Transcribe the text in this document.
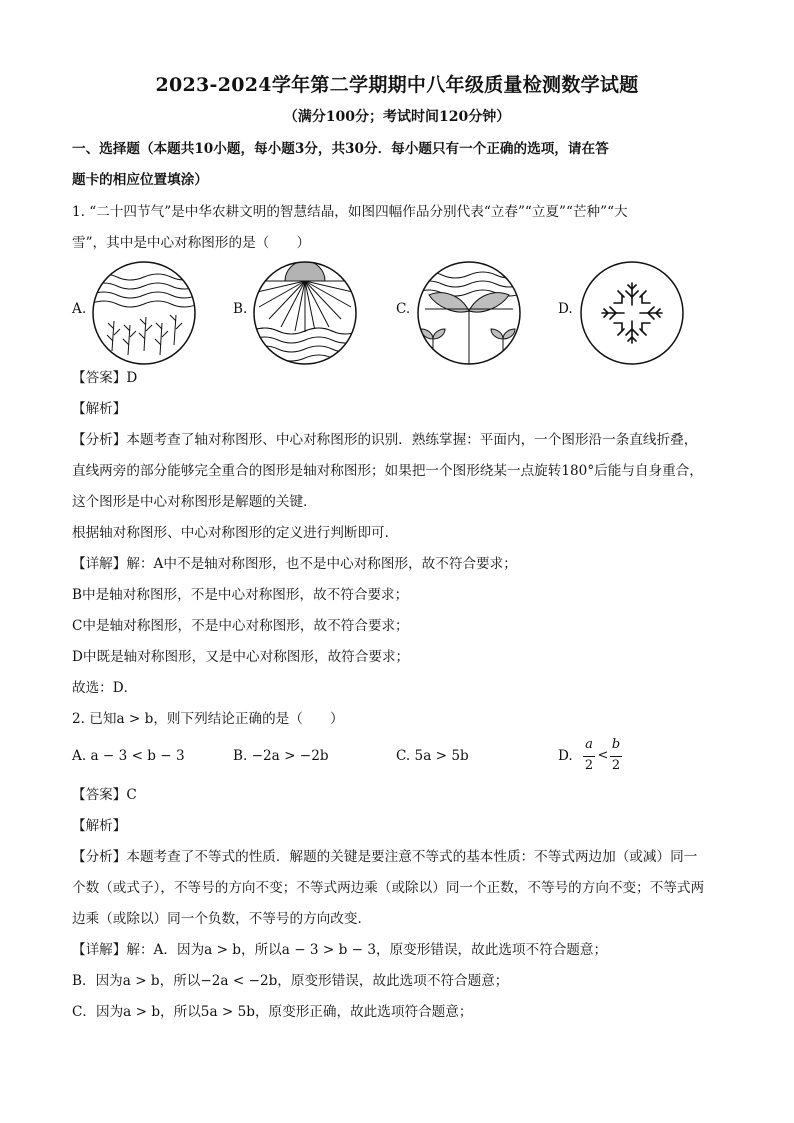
2023-2024学年第二学期期中八年级质量检测数学试题
（满分100分；考试时间120分钟）
一、选择题（本题共10小题，每小题3分，共30分．每小题只有一个正确的选项，请在答
题卡的相应位置填涂）
1. “二十四节气”是中华农耕文明的智慧结晶，如图四幅作品分别代表“立春”“立夏”“芒种”“大
雪”，其中是中心对称图形的是（　　）
A.	B.	C.	D.
【答案】D
【解析】
【分析】本题考查了轴对称图形、中心对称图形的识别．熟练掌握：平面内，一个图形沿一条直线折叠，
直线两旁的部分能够完全重合的图形是轴对称图形；如果把一个图形绕某一点旋转180°后能与自身重合，
这个图形是中心对称图形是解题的关键．
根据轴对称图形、中心对称图形的定义进行判断即可．
【详解】解：A中不是轴对称图形，也不是中心对称图形，故不符合要求；
B中是轴对称图形，不是中心对称图形，故不符合要求；
C中是轴对称图形，不是中心对称图形，故不符合要求；
D中既是轴对称图形，又是中心对称图形，故符合要求；
故选：D．
2. 已知a > b，则下列结论正确的是（　　）
A. a − 3 < b − 3	B. −2a > −2b	C. 5a > 5b	D.
a
2
<
b
2
【答案】C
【解析】
【分析】本题考查了不等式的性质．解题的关键是要注意不等式的基本性质：不等式两边加（或减）同一
个数（或式子），不等号的方向不变；不等式两边乘（或除以）同一个正数，不等号的方向不变；不等式两
边乘（或除以）同一个负数，不等号的方向改变．
【详解】解：A．因为a > b，所以a − 3 > b − 3，原变形错误，故此选项不符合题意；
B．因为a > b，所以−2a < −2b，原变形错误，故此选项不符合题意；
C．因为a > b，所以5a > 5b，原变形正确，故此选项符合题意；
